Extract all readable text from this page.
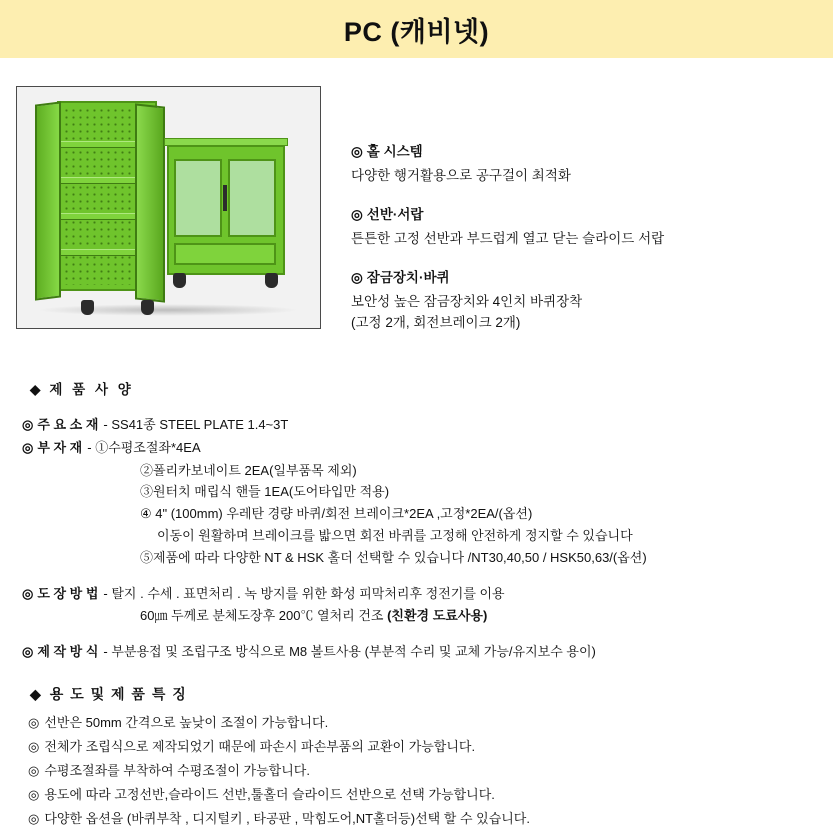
PC (캐비넷)
◎ 홀 시스템
다양한 행거활용으로 공구걸이 최적화
◎ 선반·서랍
튼튼한 고정 선반과 부드럽게 열고 닫는 슬라이드 서랍
◎ 잠금장치·바퀴
보안성 높은 잠금장치와 4인치 바퀴장착
(고정 2개, 회전브레이크 2개)
◆ 제 품 사 양
◎ 주 요 소 재 - SS41종 STEEL PLATE 1.4~3T
◎ 부 자 재 - ①수평조절좌*4EA
②폴리카보네이트 2EA(일부품목 제외)
③원터치 매립식 핸들 1EA(도어타입만 적용)
④ 4" (100mm) 우레탄 경량 바퀴/회전 브레이크*2EA ,고정*2EA/(옵션)
이동이 원활하며 브레이크를 밟으면 회전 바퀴를 고정해 안전하게 정지할 수 있습니다
⑤제품에 따라 다양한 NT & HSK 홀더 선택할 수 있습니다 /NT30,40,50 / HSK50,63/(옵션)
◎ 도 장 방 법 - 탈지 . 수세 . 표면처리 . 녹 방지를 위한 화성 피막처리후 정전기를 이용
60㎛ 두께로 분체도장후 200℃ 열처리 건조 (친환경 도료사용)
◎ 제 작 방 식 - 부분용접 및 조립구조 방식으로 M8 볼트사용 (부분적 수리 및 교체 가능/유지보수 용이)
◆ 용 도 및 제 품 특 징
◎ 선반은 50mm 간격으로 높낮이 조절이 가능합니다.
◎ 전체가 조립식으로 제작되었기 때문에 파손시 파손부품의 교환이 가능합니다.
◎ 수평조절좌를 부착하여 수평조절이 가능합니다.
◎ 용도에 따라 고정선반,슬라이드 선반,툴홀더 슬라이드 선반으로 선택 가능합니다.
◎ 다양한 옵션을 (바퀴부착 , 디지털키 , 타공판 , 막힘도어,NT홀더등)선택 할 수 있습니다.
